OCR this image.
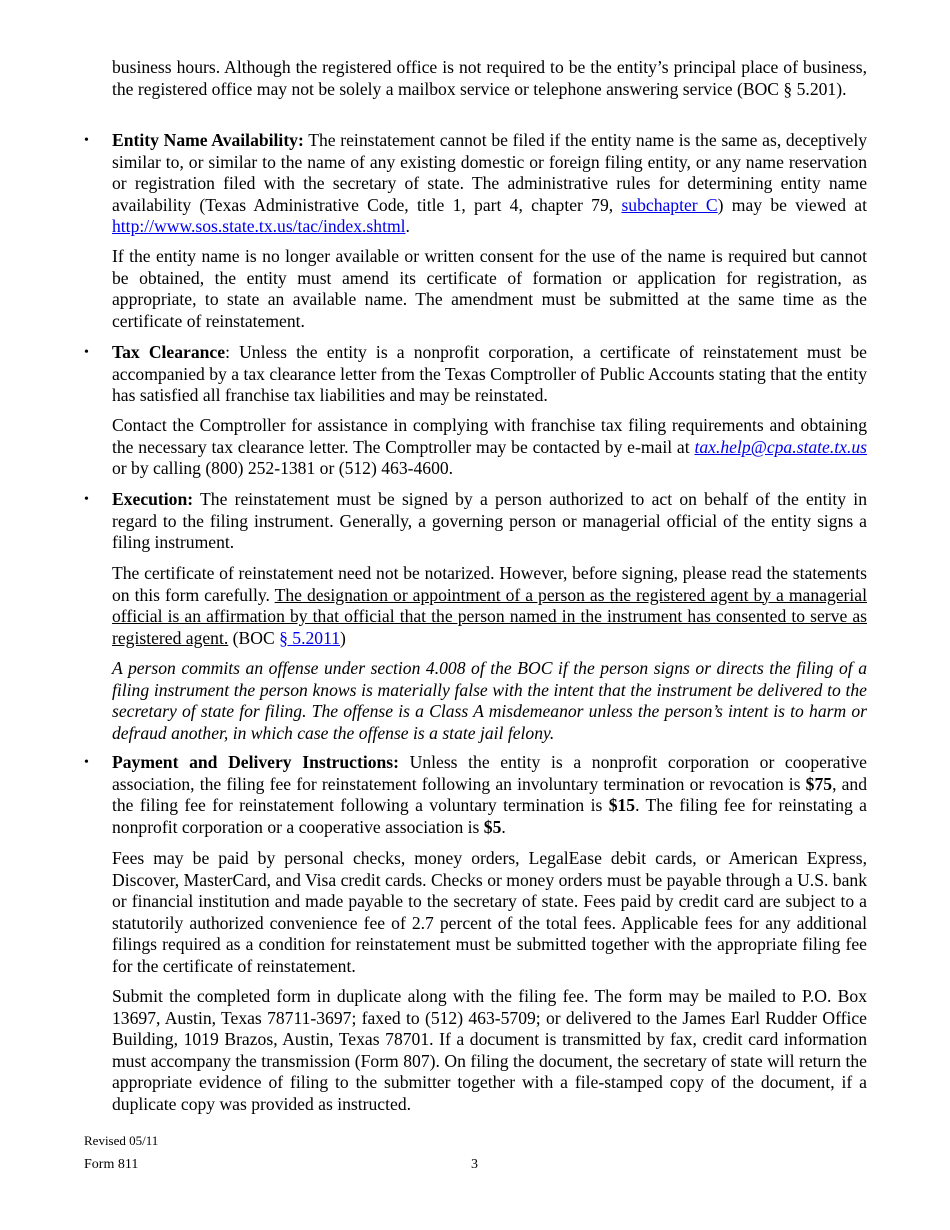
business hours. Although the registered office is not required to be the entity’s principal place of business, the registered office may not be solely a mailbox service or telephone answering service (BOC § 5.201).
• Entity Name Availability: The reinstatement cannot be filed if the entity name is the same as, deceptively similar to, or similar to the name of any existing domestic or foreign filing entity, or any name reservation or registration filed with the secretary of state. The administrative rules for determining entity name availability (Texas Administrative Code, title 1, part 4, chapter 79, subchapter C) may be viewed at http://www.sos.state.tx.us/tac/index.shtml.
If the entity name is no longer available or written consent for the use of the name is required but cannot be obtained, the entity must amend its certificate of formation or application for registration, as appropriate, to state an available name. The amendment must be submitted at the same time as the certificate of reinstatement.
• Tax Clearance: Unless the entity is a nonprofit corporation, a certificate of reinstatement must be accompanied by a tax clearance letter from the Texas Comptroller of Public Accounts stating that the entity has satisfied all franchise tax liabilities and may be reinstated.
Contact the Comptroller for assistance in complying with franchise tax filing requirements and obtaining the necessary tax clearance letter. The Comptroller may be contacted by e-mail at tax.help@cpa.state.tx.us or by calling (800) 252-1381 or (512) 463-4600.
• Execution: The reinstatement must be signed by a person authorized to act on behalf of the entity in regard to the filing instrument. Generally, a governing person or managerial official of the entity signs a filing instrument.
The certificate of reinstatement need not be notarized. However, before signing, please read the statements on this form carefully. The designation or appointment of a person as the registered agent by a managerial official is an affirmation by that official that the person named in the instrument has consented to serve as registered agent. (BOC § 5.2011)
A person commits an offense under section 4.008 of the BOC if the person signs or directs the filing of a filing instrument the person knows is materially false with the intent that the instrument be delivered to the secretary of state for filing. The offense is a Class A misdemeanor unless the person’s intent is to harm or defraud another, in which case the offense is a state jail felony.
• Payment and Delivery Instructions: Unless the entity is a nonprofit corporation or cooperative association, the filing fee for reinstatement following an involuntary termination or revocation is $75, and the filing fee for reinstatement following a voluntary termination is $15. The filing fee for reinstating a nonprofit corporation or a cooperative association is $5.
Fees may be paid by personal checks, money orders, LegalEase debit cards, or American Express, Discover, MasterCard, and Visa credit cards. Checks or money orders must be payable through a U.S. bank or financial institution and made payable to the secretary of state. Fees paid by credit card are subject to a statutorily authorized convenience fee of 2.7 percent of the total fees. Applicable fees for any additional filings required as a condition for reinstatement must be submitted together with the appropriate filing fee for the certificate of reinstatement.
Submit the completed form in duplicate along with the filing fee. The form may be mailed to P.O. Box 13697, Austin, Texas 78711-3697; faxed to (512) 463-5709; or delivered to the James Earl Rudder Office Building, 1019 Brazos, Austin, Texas 78701. If a document is transmitted by fax, credit card information must accompany the transmission (Form 807). On filing the document, the secretary of state will return the appropriate evidence of filing to the submitter together with a file-stamped copy of the document, if a duplicate copy was provided as instructed.
Revised 05/11
Form 811	3
